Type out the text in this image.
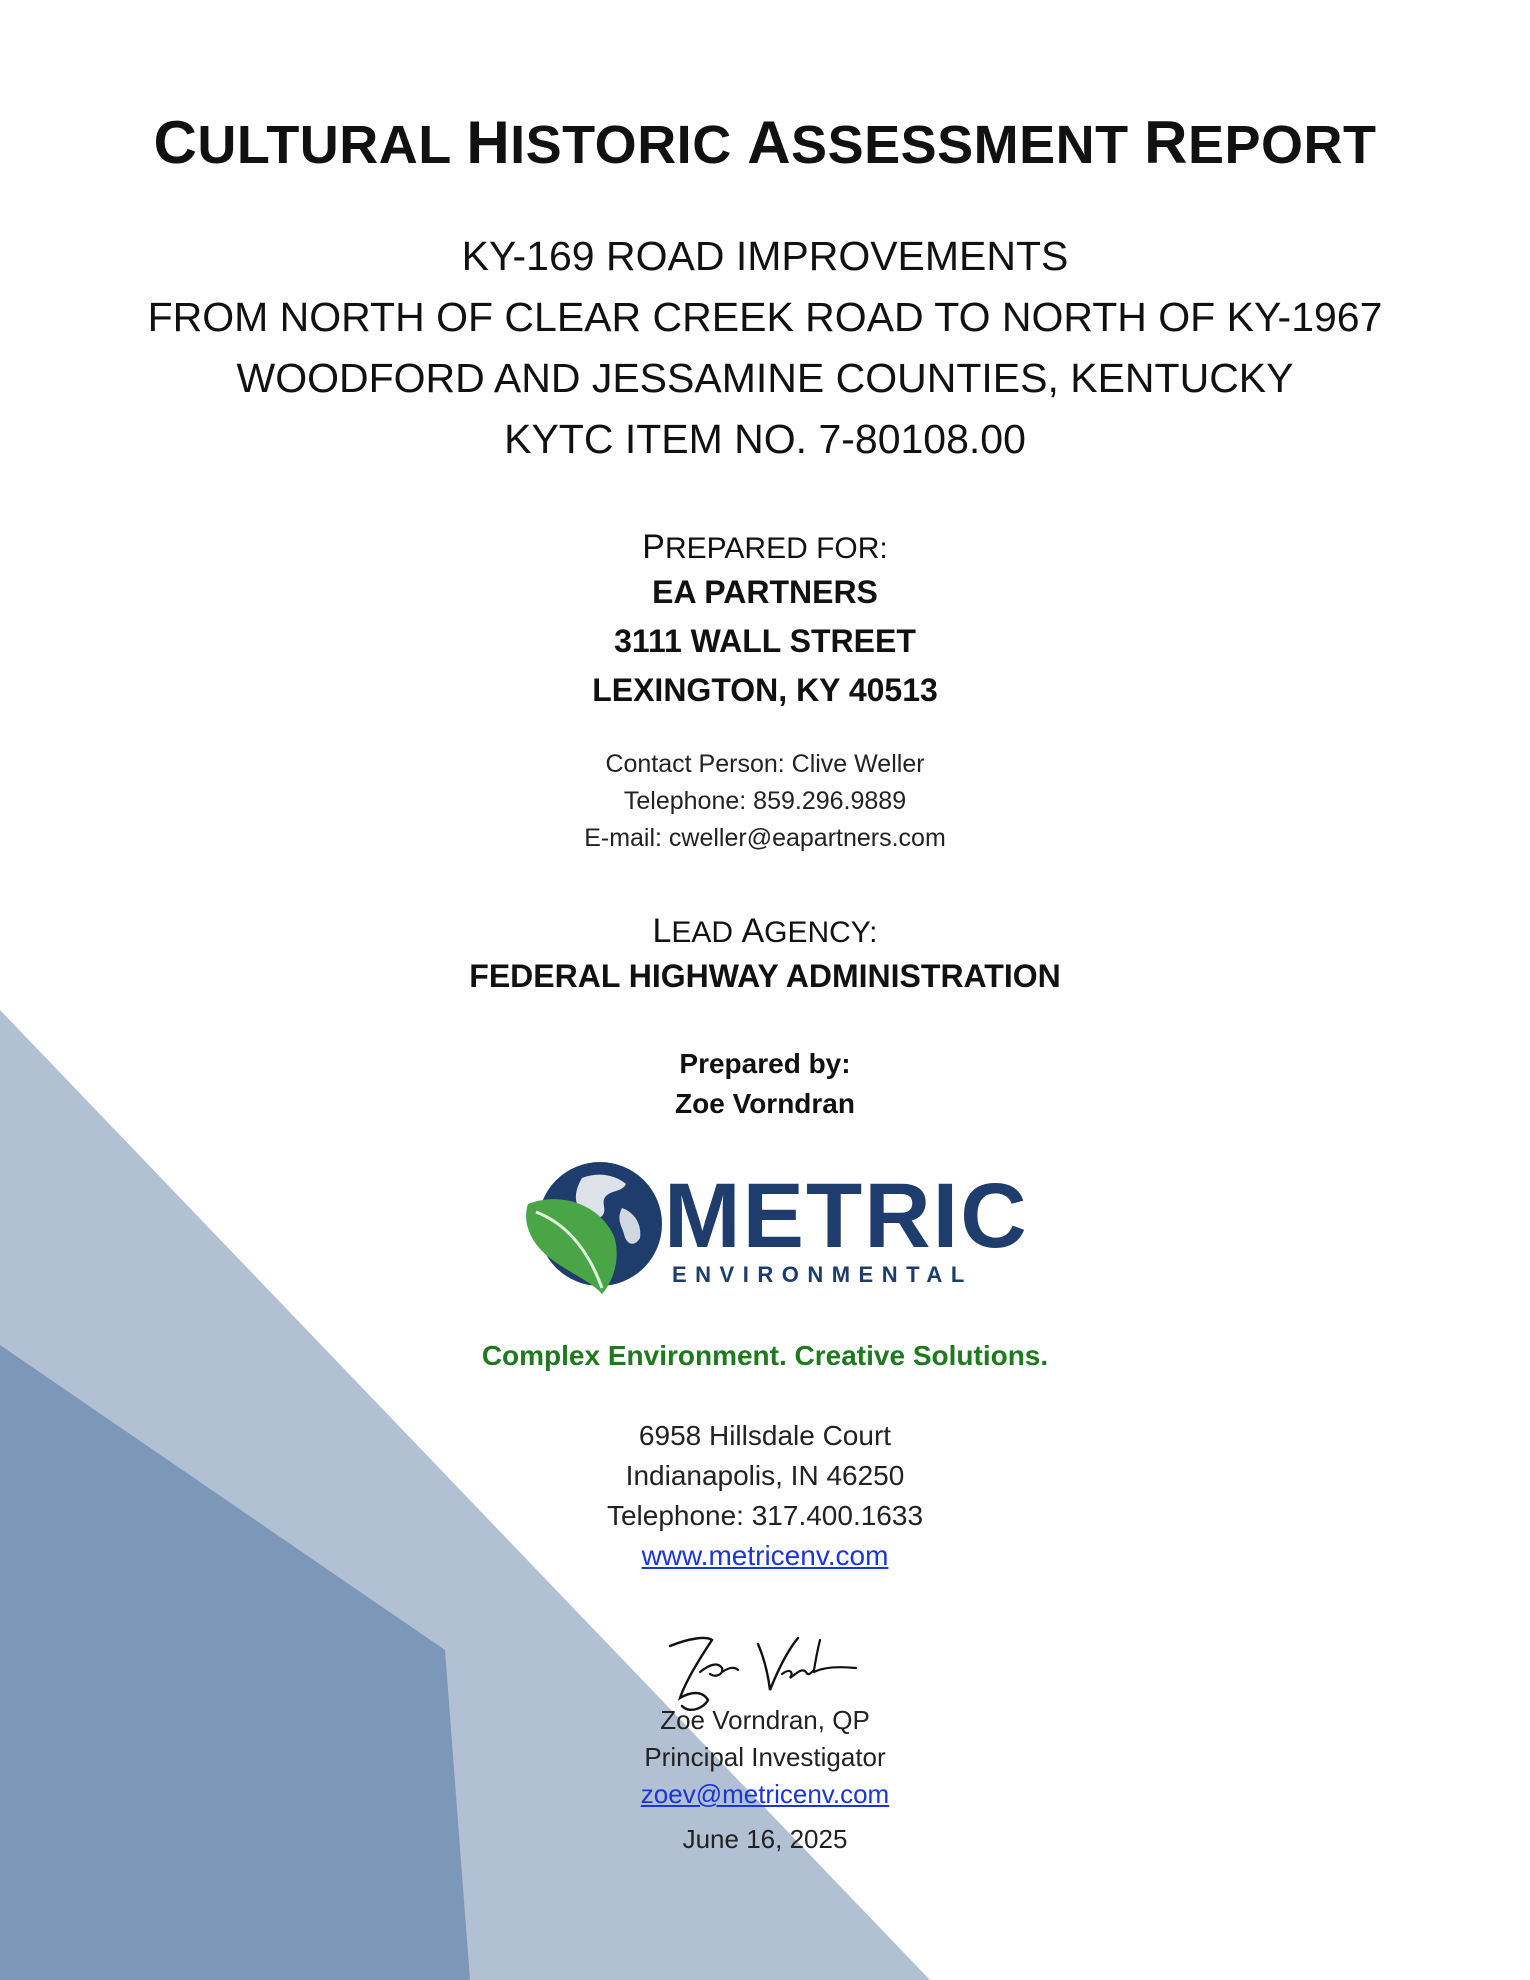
CULTURAL HISTORIC ASSESSMENT REPORT
KY-169 ROAD IMPROVEMENTS
FROM NORTH OF CLEAR CREEK ROAD TO NORTH OF KY-1967
WOODFORD AND JESSAMINE COUNTIES, KENTUCKY
KYTC ITEM NO. 7-80108.00
PREPARED FOR:
EA PARTNERS
3111 WALL STREET
LEXINGTON, KY 40513
Contact Person: Clive Weller
Telephone: 859.296.9889
E-mail: cweller@eapartners.com
LEAD AGENCY:
FEDERAL HIGHWAY ADMINISTRATION
Prepared by:
Zoe Vorndran
METRIC
ENVIRONMENTAL
Complex Environment. Creative Solutions.
6958 Hillsdale Court
Indianapolis, IN 46250
Telephone: 317.400.1633
www.metricenv.com
Zoe Vorndran, QP
Principal Investigator
zoev@metricenv.com
June 16, 2025
